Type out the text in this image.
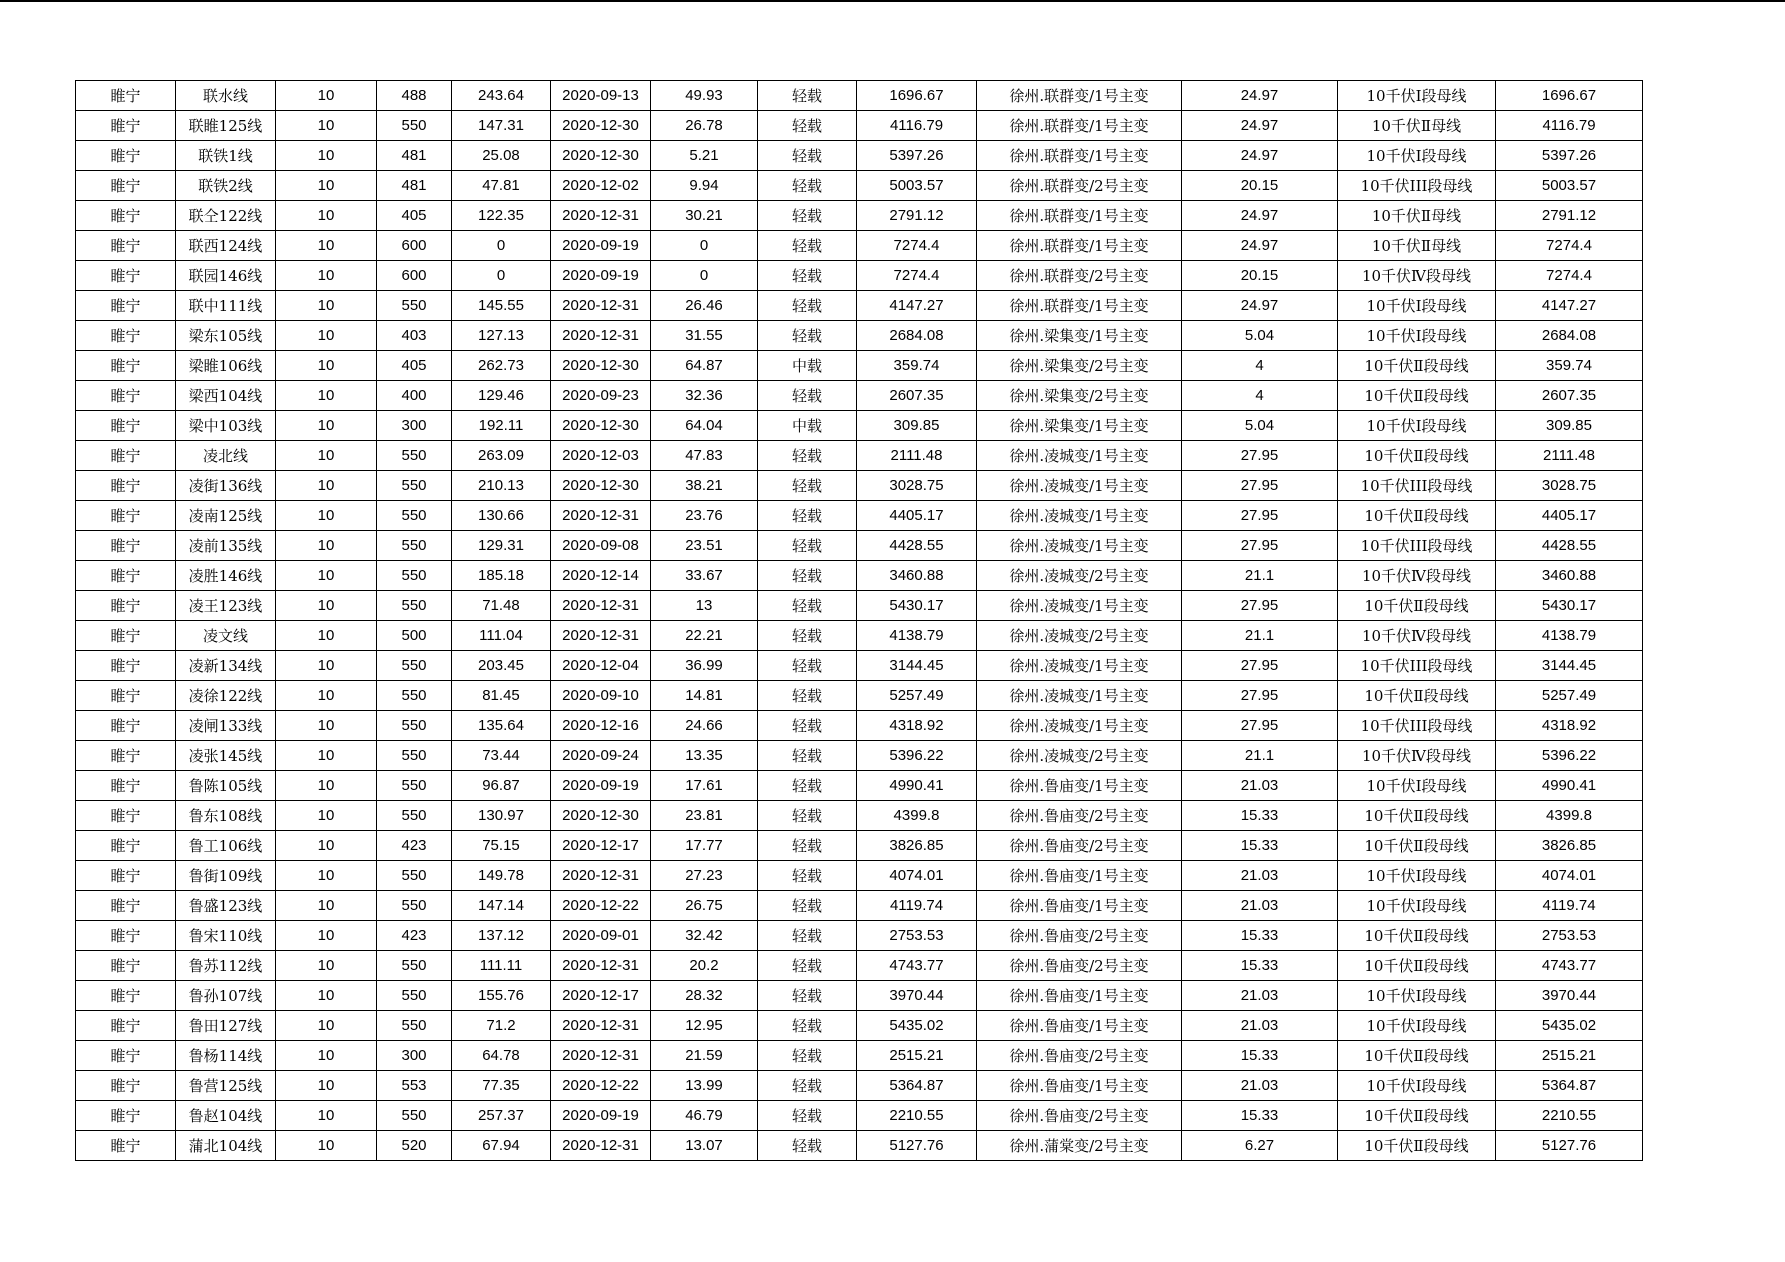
睢宁	联水线	10	488	243.64	2020-09-13	49.93	轻载	1696.67	徐州.联群变/1号主变	24.97	10千伏Ⅰ段母线	1696.67
睢宁	联睢125线	10	550	147.31	2020-12-30	26.78	轻载	4116.79	徐州.联群变/1号主变	24.97	10千伏Ⅱ母线	4116.79
睢宁	联铁1线	10	481	25.08	2020-12-30	5.21	轻载	5397.26	徐州.联群变/1号主变	24.97	10千伏Ⅰ段母线	5397.26
睢宁	联铁2线	10	481	47.81	2020-12-02	9.94	轻载	5003.57	徐州.联群变/2号主变	20.15	10千伏III段母线	5003.57
睢宁	联仝122线	10	405	122.35	2020-12-31	30.21	轻载	2791.12	徐州.联群变/1号主变	24.97	10千伏Ⅱ母线	2791.12
睢宁	联西124线	10	600	0	2020-09-19	0	轻载	7274.4	徐州.联群变/1号主变	24.97	10千伏Ⅱ母线	7274.4
睢宁	联园146线	10	600	0	2020-09-19	0	轻载	7274.4	徐州.联群变/2号主变	20.15	10千伏Ⅳ段母线	7274.4
睢宁	联中111线	10	550	145.55	2020-12-31	26.46	轻载	4147.27	徐州.联群变/1号主变	24.97	10千伏Ⅰ段母线	4147.27
睢宁	梁东105线	10	403	127.13	2020-12-31	31.55	轻载	2684.08	徐州.梁集变/1号主变	5.04	10千伏Ⅰ段母线	2684.08
睢宁	梁睢106线	10	405	262.73	2020-12-30	64.87	中载	359.74	徐州.梁集变/2号主变	4	10千伏Ⅱ段母线	359.74
睢宁	梁西104线	10	400	129.46	2020-09-23	32.36	轻载	2607.35	徐州.梁集变/2号主变	4	10千伏Ⅱ段母线	2607.35
睢宁	梁中103线	10	300	192.11	2020-12-30	64.04	中载	309.85	徐州.梁集变/1号主变	5.04	10千伏Ⅰ段母线	309.85
睢宁	凌北线	10	550	263.09	2020-12-03	47.83	轻载	2111.48	徐州.凌城变/1号主变	27.95	10千伏Ⅱ段母线	2111.48
睢宁	凌街136线	10	550	210.13	2020-12-30	38.21	轻载	3028.75	徐州.凌城变/1号主变	27.95	10千伏III段母线	3028.75
睢宁	凌南125线	10	550	130.66	2020-12-31	23.76	轻载	4405.17	徐州.凌城变/1号主变	27.95	10千伏Ⅱ段母线	4405.17
睢宁	凌前135线	10	550	129.31	2020-09-08	23.51	轻载	4428.55	徐州.凌城变/1号主变	27.95	10千伏III段母线	4428.55
睢宁	凌胜146线	10	550	185.18	2020-12-14	33.67	轻载	3460.88	徐州.凌城变/2号主变	21.1	10千伏Ⅳ段母线	3460.88
睢宁	凌王123线	10	550	71.48	2020-12-31	13	轻载	5430.17	徐州.凌城变/1号主变	27.95	10千伏Ⅱ段母线	5430.17
睢宁	凌文线	10	500	111.04	2020-12-31	22.21	轻载	4138.79	徐州.凌城变/2号主变	21.1	10千伏Ⅳ段母线	4138.79
睢宁	凌新134线	10	550	203.45	2020-12-04	36.99	轻载	3144.45	徐州.凌城变/1号主变	27.95	10千伏III段母线	3144.45
睢宁	凌徐122线	10	550	81.45	2020-09-10	14.81	轻载	5257.49	徐州.凌城变/1号主变	27.95	10千伏Ⅱ段母线	5257.49
睢宁	凌闸133线	10	550	135.64	2020-12-16	24.66	轻载	4318.92	徐州.凌城变/1号主变	27.95	10千伏III段母线	4318.92
睢宁	凌张145线	10	550	73.44	2020-09-24	13.35	轻载	5396.22	徐州.凌城变/2号主变	21.1	10千伏Ⅳ段母线	5396.22
睢宁	鲁陈105线	10	550	96.87	2020-09-19	17.61	轻载	4990.41	徐州.鲁庙变/1号主变	21.03	10千伏Ⅰ段母线	4990.41
睢宁	鲁东108线	10	550	130.97	2020-12-30	23.81	轻载	4399.8	徐州.鲁庙变/2号主变	15.33	10千伏Ⅱ段母线	4399.8
睢宁	鲁工106线	10	423	75.15	2020-12-17	17.77	轻载	3826.85	徐州.鲁庙变/2号主变	15.33	10千伏Ⅱ段母线	3826.85
睢宁	鲁街109线	10	550	149.78	2020-12-31	27.23	轻载	4074.01	徐州.鲁庙变/1号主变	21.03	10千伏Ⅰ段母线	4074.01
睢宁	鲁盛123线	10	550	147.14	2020-12-22	26.75	轻载	4119.74	徐州.鲁庙变/1号主变	21.03	10千伏Ⅰ段母线	4119.74
睢宁	鲁宋110线	10	423	137.12	2020-09-01	32.42	轻载	2753.53	徐州.鲁庙变/2号主变	15.33	10千伏Ⅱ段母线	2753.53
睢宁	鲁苏112线	10	550	111.11	2020-12-31	20.2	轻载	4743.77	徐州.鲁庙变/2号主变	15.33	10千伏Ⅱ段母线	4743.77
睢宁	鲁孙107线	10	550	155.76	2020-12-17	28.32	轻载	3970.44	徐州.鲁庙变/1号主变	21.03	10千伏Ⅰ段母线	3970.44
睢宁	鲁田127线	10	550	71.2	2020-12-31	12.95	轻载	5435.02	徐州.鲁庙变/1号主变	21.03	10千伏Ⅰ段母线	5435.02
睢宁	鲁杨114线	10	300	64.78	2020-12-31	21.59	轻载	2515.21	徐州.鲁庙变/2号主变	15.33	10千伏Ⅱ段母线	2515.21
睢宁	鲁营125线	10	553	77.35	2020-12-22	13.99	轻载	5364.87	徐州.鲁庙变/1号主变	21.03	10千伏Ⅰ段母线	5364.87
睢宁	鲁赵104线	10	550	257.37	2020-09-19	46.79	轻载	2210.55	徐州.鲁庙变/2号主变	15.33	10千伏Ⅱ段母线	2210.55
睢宁	蒲北104线	10	520	67.94	2020-12-31	13.07	轻载	5127.76	徐州.蒲棠变/2号主变	6.27	10千伏Ⅱ段母线	5127.76
